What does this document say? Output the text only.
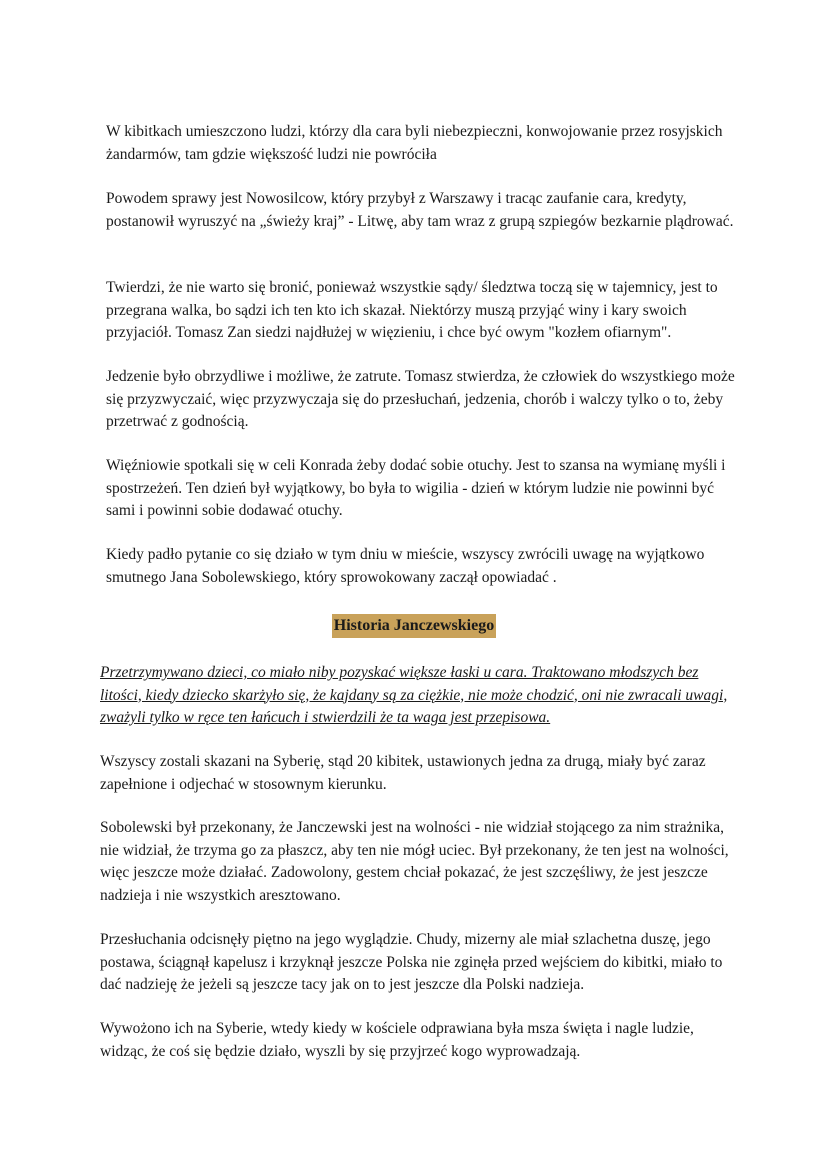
W kibitkach umieszczono ludzi, którzy dla cara byli niebezpieczni, konwojowanie przez rosyjskich żandarmów, tam gdzie większość ludzi nie powróciła

Powodem sprawy jest Nowosilcow, który przybył z Warszawy i tracąc zaufanie cara, kredyty, postanowił wyruszyć na „świeży kraj” - Litwę, aby tam wraz z grupą szpiegów bezkarnie plądrować.

Twierdzi, że nie warto się bronić, ponieważ wszystkie sądy/ śledztwa toczą się w tajemnicy, jest to przegrana walka, bo sądzi ich ten kto ich skazał. Niektórzy muszą przyjąć winy i kary swoich przyjaciół. Tomasz Zan siedzi najdłużej w więzieniu, i chce być owym "kozłem ofiarnym".

Jedzenie było obrzydliwe i możliwe, że zatrute. Tomasz stwierdza, że człowiek do wszystkiego może się przyzwyczaić, więc przyzwyczaja się do przesłuchań, jedzenia, chorób i walczy tylko o to, żeby przetrwać z godnością.

Więźniowie spotkali się w celi Konrada żeby dodać sobie otuchy. Jest to szansa na wymianę myśli i spostrzeżeń. Ten dzień był wyjątkowy, bo była to wigilia - dzień w którym ludzie nie powinni być sami i powinni sobie dodawać otuchy.

Kiedy padło pytanie co się działo w tym dniu w mieście, wszyscy zwrócili uwagę na wyjątkowo smutnego Jana Sobolewskiego, który sprowokowany zaczął opowiadać .

Historia Janczewskiego

Przetrzymywano dzieci, co miało niby pozyskać większe łaski u cara. Traktowano młodszych bez litości, kiedy dziecko skarżyło się, że kajdany są za ciężkie, nie może chodzić, oni nie zwracali uwagi, zważyli tylko w ręce ten łańcuch i stwierdzili że ta waga jest przepisowa.

Wszyscy zostali skazani na Syberię, stąd 20 kibitek, ustawionych jedna za drugą, miały być zaraz zapełnione i odjechać w stosownym kierunku.

Sobolewski był przekonany, że Janczewski jest na wolności - nie widział stojącego za nim strażnika, nie widział, że trzyma go za płaszcz, aby ten nie mógł uciec. Był przekonany, że ten jest na wolności, więc jeszcze może działać. Zadowolony, gestem chciał pokazać, że jest szczęśliwy, że jest jeszcze nadzieja i nie wszystkich aresztowano.

Przesłuchania odcisnęły piętno na jego wyglądzie. Chudy, mizerny ale miał szlachetna duszę, jego postawa, ściągnął kapelusz i krzyknął jeszcze Polska nie zginęła przed wejściem do kibitki, miało to dać nadzieję że jeżeli są jeszcze tacy jak on to jest jeszcze dla Polski nadzieja.

Wywożono ich na Syberie, wtedy kiedy w kościele odprawiana była msza święta i nagle ludzie, widząc, że coś się będzie działo, wyszli by się przyjrzeć kogo wyprowadzają.
